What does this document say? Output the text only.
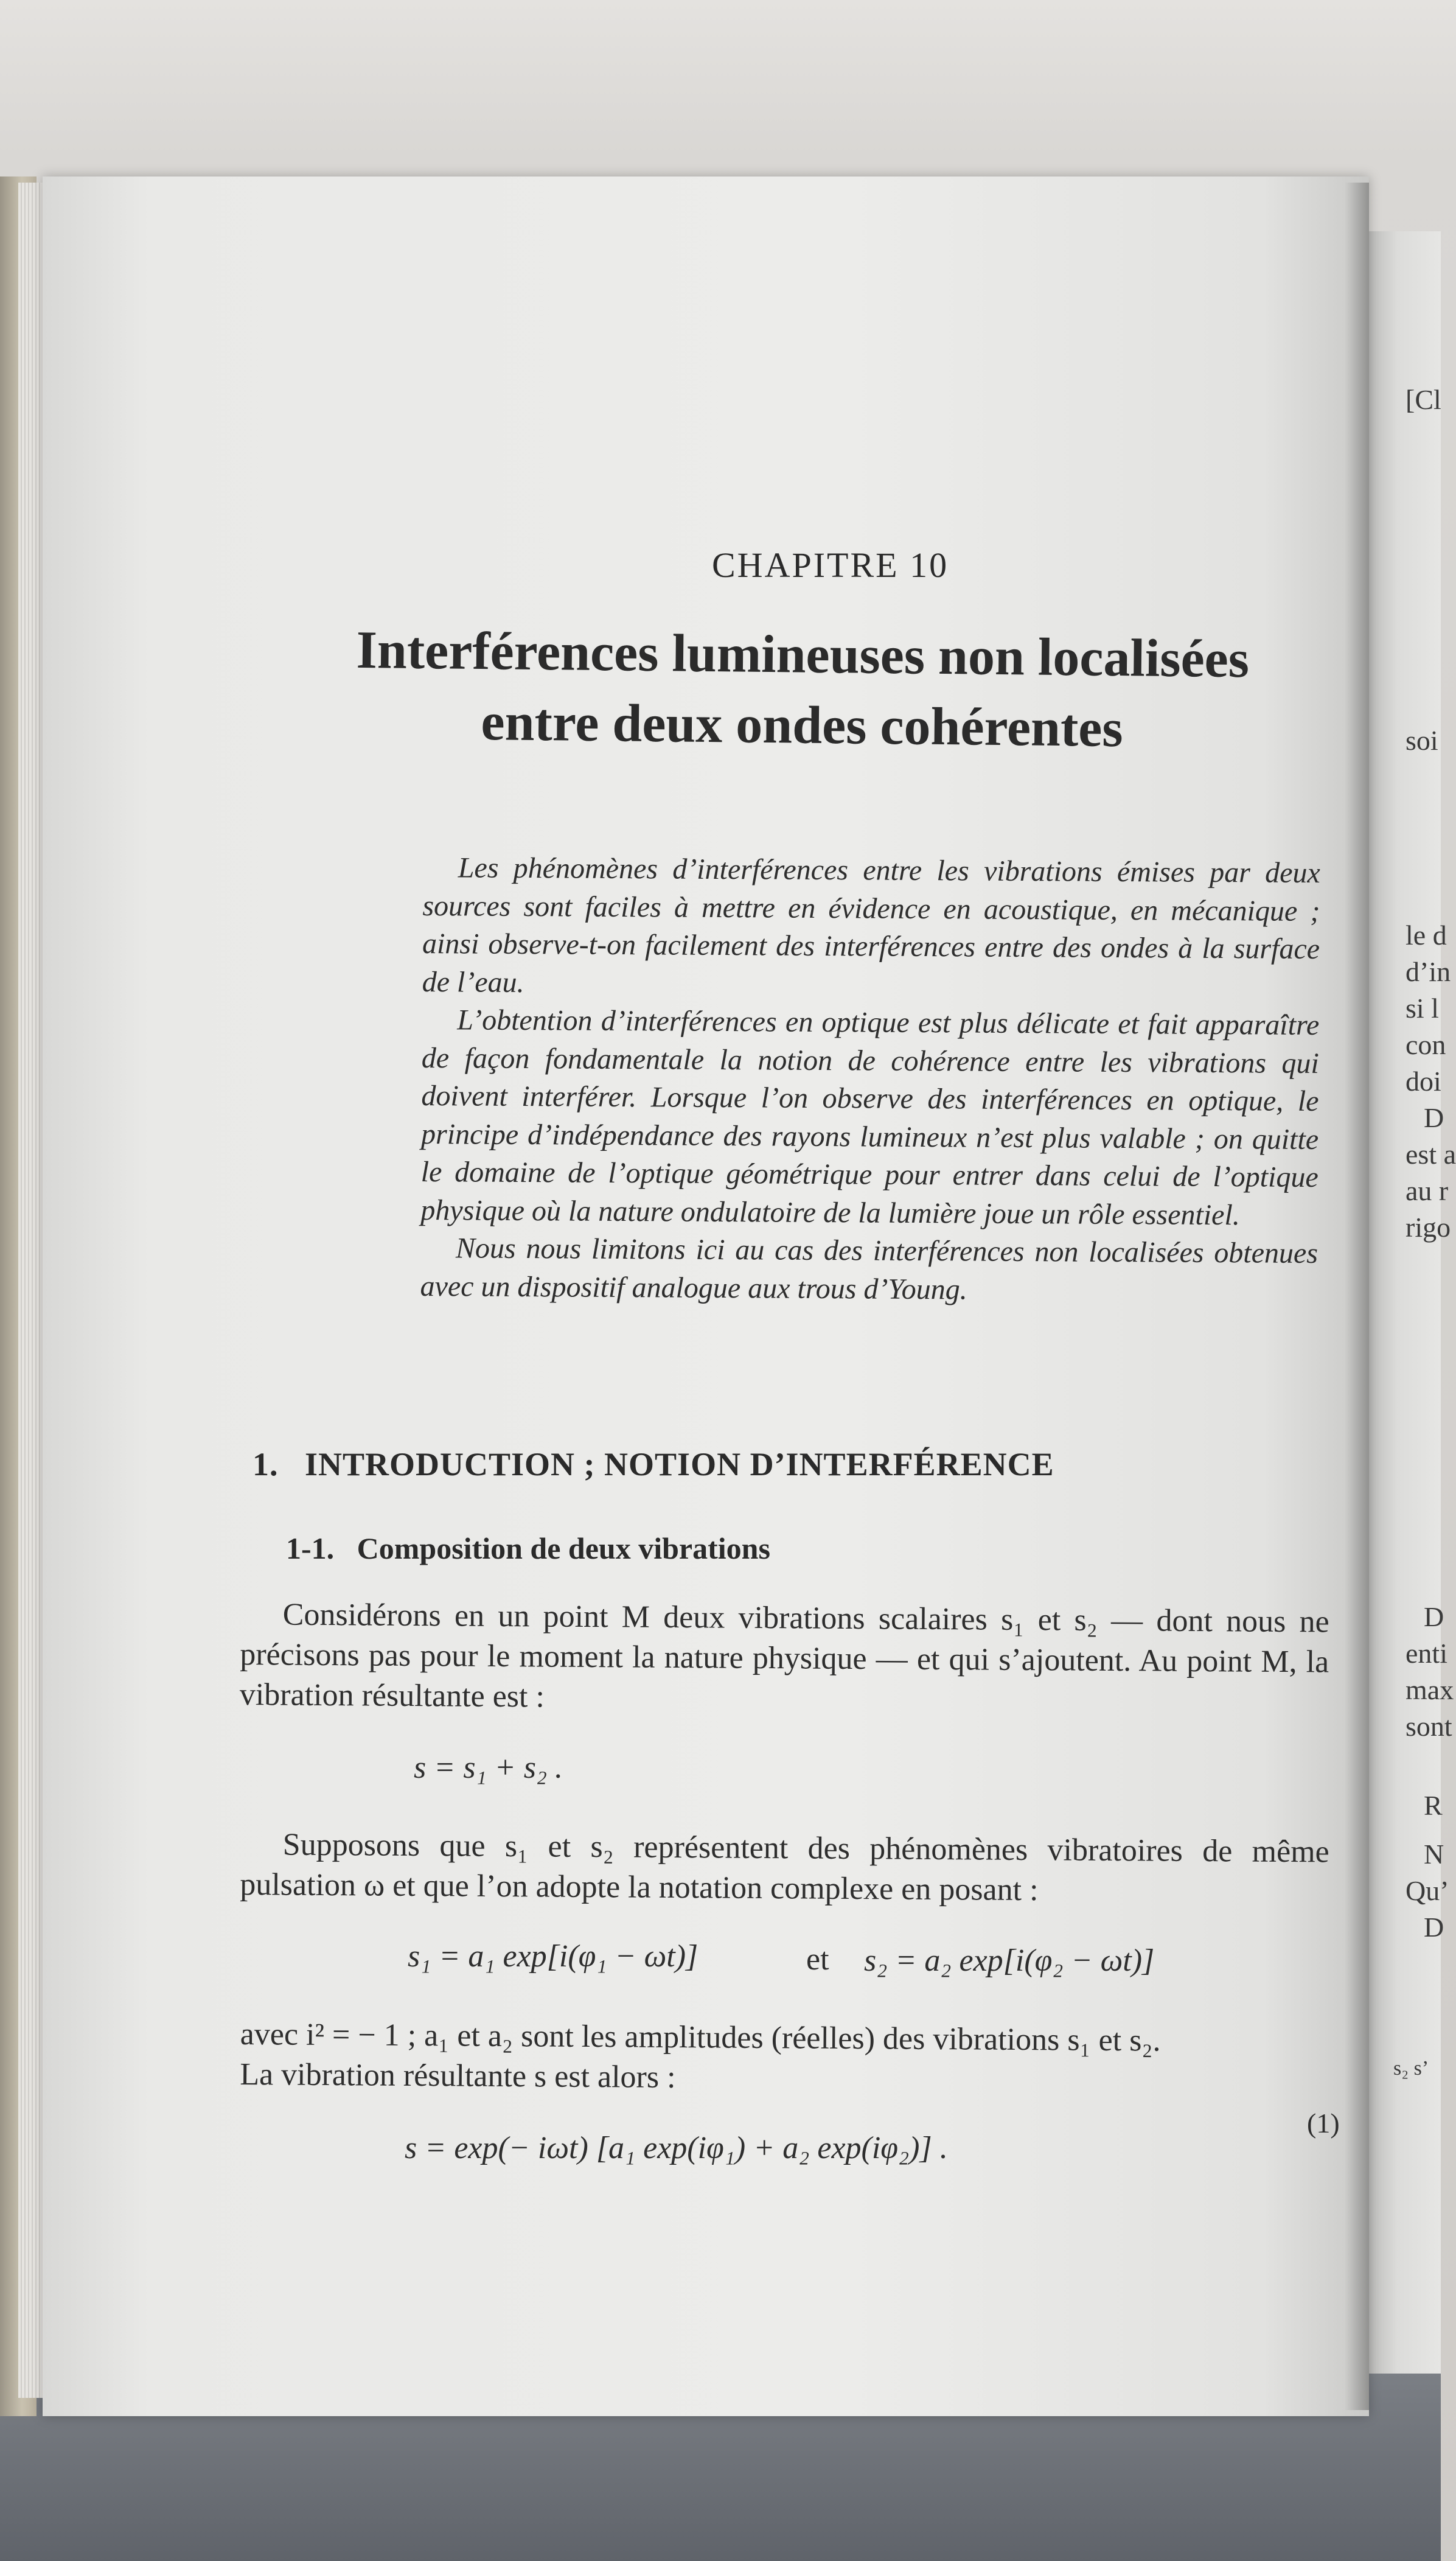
[Cl
soi
le d
d’in
si l
con
doi
D
est a
au r
rigo
D
enti
max
sont
R
N
Qu’
D
s₂ s’
CHAPITRE 10
Interférences lumineuses non localisées
entre deux ondes cohérentes

Les phénomènes d’interférences entre les vibrations émises par deux sources sont faciles à mettre en évidence en acoustique, en mécanique ; ainsi observe-t-on facilement des interférences entre des ondes à la surface de l’eau.

L’obtention d’interférences en optique est plus délicate et fait apparaître de façon fondamentale la notion de cohérence entre les vibrations qui doivent interférer. Lorsque l’on observe des interférences en optique, le principe d’indépendance des rayons lumineux n’est plus valable ; on quitte le domaine de l’optique géométrique pour entrer dans celui de l’optique physique où la nature ondulatoire de la lumière joue un rôle essentiel.

Nous nous limitons ici au cas des interférences non localisées obtenues avec un dispositif analogue aux trous d’Young.

1. INTRODUCTION ; NOTION D’INTERFÉRENCE
1-1. Composition de deux vibrations

Considérons en un point M deux vibrations scalaires s₁ et s₂ — dont nous ne précisons pas pour le moment la nature physique — et qui s’ajoutent. Au point M, la vibration résultante est :

s = s₁ + s₂ .

Supposons que s₁ et s₂ représentent des phénomènes vibratoires de même pulsation ω et que l’on adopte la notation complexe en posant :

s₁ = a₁ exp[i(φ₁ − ωt)]	et s₂ = a₂ exp[i(φ₂ − ωt)]
avec i² = − 1 ; a₁ et a₂ sont les amplitudes (réelles) des vibrations s₁ et s₂.
La vibration résultante s est alors :
(1)
s = exp(− iωt) [a₁ exp(iφ₁) + a₂ exp(iφ₂)] .
